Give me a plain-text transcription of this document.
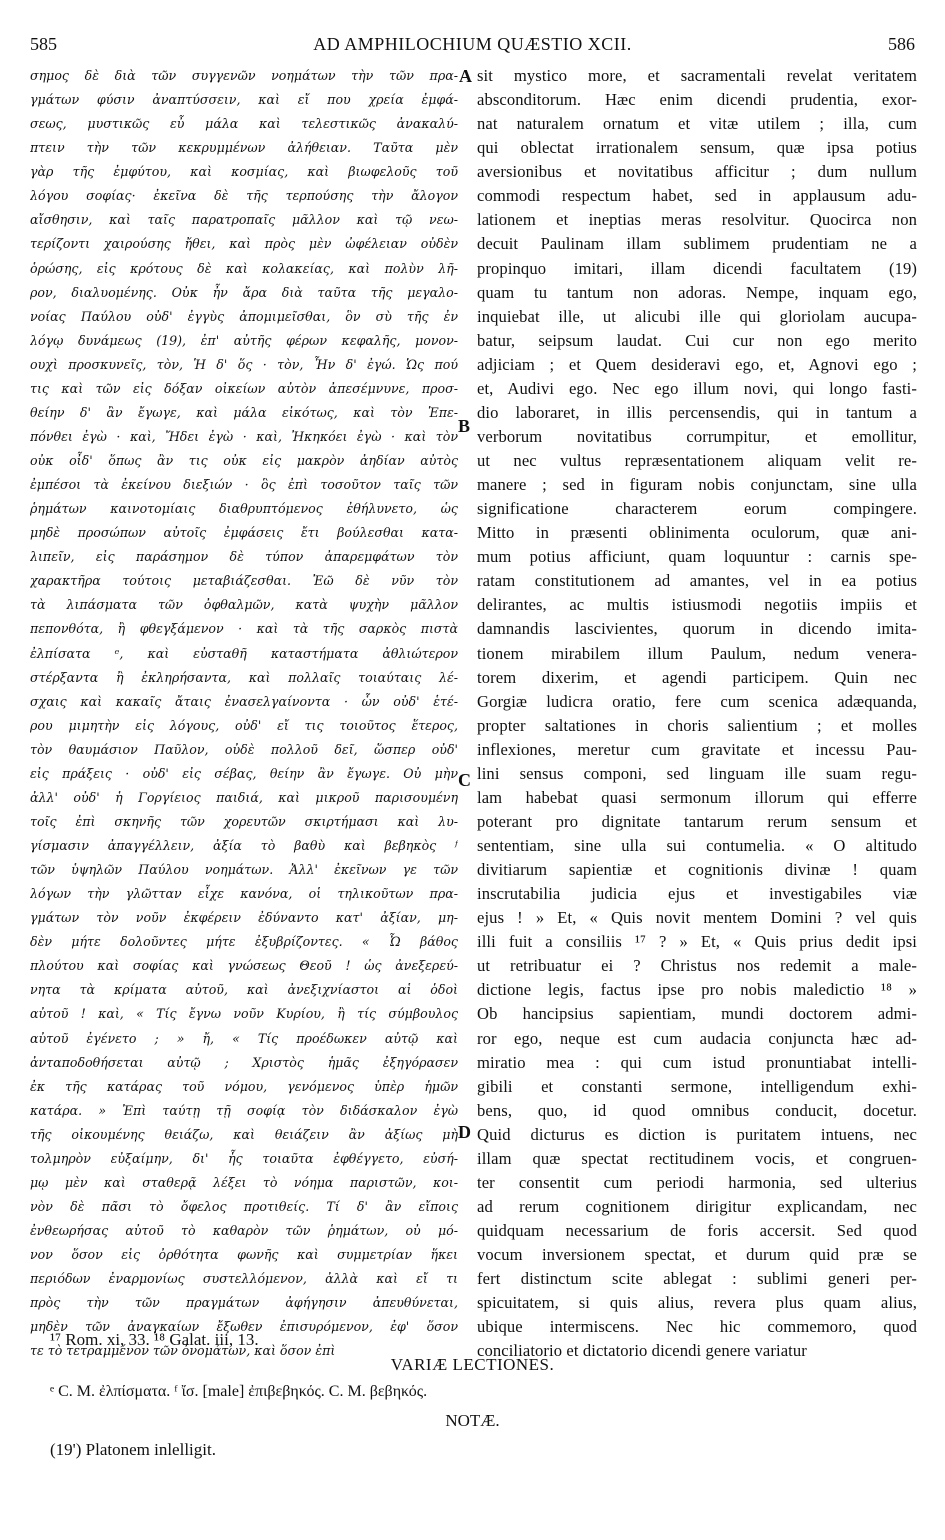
585	AD AMPHILOCHIUM QUÆSTIO XCII.	586
σημος δὲ διὰ τῶν συγγενῶν νοημάτων τὴν τῶν πρα-
γμάτων φύσιν ἀναπτύσσειν, καὶ εἴ που χρεία ἐμφά-
σεως, μυστικῶς εὖ μάλα καὶ τελεστικῶς ἀνακαλύ-
πτειν τὴν τῶν κεκρυμμένων ἀλήθειαν. Ταῦτα μὲν
γὰρ τῆς ἐμφύτου, καὶ κοσμίας, καὶ βιωφελοῦς τοῦ
λόγου σοφίας· ἐκεῖνα δὲ τῆς τερπούσης τὴν ἄλογον
αἴσθησιν, καὶ ταῖς παρατροπαῖς μᾶλλον καὶ τῷ νεω-
τερίζοντι χαιρούσης ἤθει, καὶ πρὸς μὲν ὠφέλειαν οὐδὲν
ὁρώσης, εἰς κρότους δὲ καὶ κολακείας, καὶ πολὺν λῆ-
ρον, διαλυομένης. Οὐκ ἦν ἄρα διὰ ταῦτα τῆς μεγαλο-
νοίας Παύλου οὐδ' ἐγγὺς ἀπομιμεῖσθαι, ὃν σὺ τῆς ἐν
λόγῳ δυνάμεως (19), ἐπ' αὐτῆς φέρων κεφαλῆς, μονον-
ουχὶ προσκυνεῖς, τὸν, Ἡ δ' ὅς · τὸν, Ἦν δ' ἐγώ. Ὡς πού
τις καὶ τῶν εἰς δόξαν οἰκείων αὐτὸν ἀπεσέμνυνε, προσ-
θείην δ' ἂν ἔγωγε, καὶ μάλα εἰκότως, καὶ τὸν Ἐπε-
πόνθει ἐγὼ · καὶ, Ἤδει ἐγὼ · καὶ, Ἠκηκόει ἐγὼ · καὶ τὸν
οὐκ οἶδ' ὅπως ἂν τις οὐκ εἰς μακρὸν ἀηδίαν αὐτὸς
ἐμπέσοι τὰ ἐκείνου διεξιών · ὃς ἐπὶ τοσοῦτον ταῖς τῶν
ῥημάτων καινοτομίαις διαθρυπτόμενος ἐθήλυνετο, ὡς
μηδὲ προσώπων αὐτοῖς ἐμφάσεις ἔτι βούλεσθαι κατα-
λιπεῖν, εἰς παράσημον δὲ τύπον ἀπαρεμφάτων τὸν
χαρακτῆρα τούτοις μεταβιάζεσθαι. Ἐῶ δὲ νῦν τὸν
τὰ λιπάσματα τῶν ὀφθαλμῶν, κατὰ ψυχὴν μᾶλλον
πεπονθότα, ἢ φθεγξάμενον · καὶ τὰ τῆς σαρκὸς πιστὰ
ἐλπίσατα ᵉ, καὶ εὐσταθῆ καταστήματα ἀθλιώτερον
στέρξαντα ἢ ἐκληρήσαντα, καὶ πολλαῖς τοιαύταις λέ-
σχαις καὶ κακαῖς ἄταις ἐνασελγαίνοντα · ὧν οὐδ' ἑτέ-
ρου μιμητὴν εἰς λόγους, οὐδ' εἴ τις τοιοῦτος ἕτερος,
τὸν θαυμάσιον Παῦλον, οὐδὲ πολλοῦ δεῖ, ὥσπερ οὐδ'
εἰς πράξεις · οὐδ' εἰς σέβας, θείην ἂν ἔγωγε. Οὐ μὴν
ἀλλ' οὐδ' ἡ Γοργίειος παιδιά, καὶ μικροῦ παρισουμένη
τοῖς ἐπὶ σκηνῆς τῶν χορευτῶν σκιρτήμασι καὶ λυ-
γίσμασιν ἀπαγγέλλειν, ἀξία τὸ βαθὺ καὶ βεβηκὸς ᶠ
τῶν ὑψηλῶν Παύλου νοημάτων. Ἀλλ' ἐκεῖνων γε τῶν
λόγων τὴν γλῶτταν εἶχε κανόνα, οἱ τηλικοῦτων πρα-
γμάτων τὸν νοῦν ἐκφέρειν ἐδύναντο κατ' ἀξίαν, μη-
δὲν μήτε δολοῦντες μήτε ἐξυβρίζοντες. « Ὦ βάθος
πλούτου καὶ σοφίας καὶ γνώσεως Θεοῦ ! ὡς ἀνεξερεύ-
νητα τὰ κρίματα αὐτοῦ, καὶ ἀνεξιχνίαστοι αἱ ὁδοὶ
αὐτοῦ ! καὶ, « Τίς ἔγνω νοῦν Κυρίου, ἢ τίς σύμβουλος
αὐτοῦ ἐγένετο ; » ἤ, « Τίς προέδωκεν αὐτῷ καὶ
ἀνταποδοθήσεται αὐτῷ ; Χριστὸς ἡμᾶς ἐξηγόρασεν
ἐκ τῆς κατάρας τοῦ νόμου, γενόμενος ὑπὲρ ἡμῶν
κατάρα. » Ἐπὶ ταύτῃ τῇ σοφίᾳ τὸν διδάσκαλον ἐγὼ
τῆς οἰκουμένης θειάζω, καὶ θειάζειν ἂν ἀξίως μὴ
τολμηρὸν εὐξαίμην, δι' ἧς τοιαῦτα ἐφθέγγετο, εὐσή-
μῳ μὲν καὶ σταθερᾷ λέξει τὸ νόημα παριστῶν, κοι-
νὸν δὲ πᾶσι τὸ ὄφελος προτιθείς. Τί δ' ἂν εἴποις
ἐνθεωρήσας αὐτοῦ τὸ καθαρὸν τῶν ῥημάτων, οὐ μό-
νον ὅσον εἰς ὀρθότητα φωνῆς καὶ συμμετρίαν ἥκει
περιόδων ἐναρμονίως συστελλόμενον, ἀλλὰ καὶ εἴ τι
πρὸς τὴν τῶν πραγμάτων ἀφήγησιν ἀπευθύνεται,
μηδὲν τῶν ἀναγκαίων ἔξωθεν ἐπισυρόμενον, ἐφ' ὅσον
τε τὸ τετραμμένον τῶν ὀνομάτων, καὶ ὅσον ἐπὶ
A
B
C
D
sit mystico more, et sacramentali revelat veritatem
absconditorum. Hæc enim dicendi prudentia, exor-
nat naturalem ornatum et vitæ utilem ; illa, cum
qui oblectat irrationalem sensum, quæ ipsa potius
aversionibus et novitatibus afficitur ; dum nullum
commodi respectum habet, sed in applausum adu-
lationem et ineptias meras resolvitur. Quocirca non
decuit Paulinam illam sublimem prudentiam ne a
propinquo imitari, illam dicendi facultatem (19)
quam tu tantum non adoras. Nempe, inquam ego,
inquiebat ille, ut alicubi ille qui gloriolam aucupa-
batur, seipsum laudat. Cui cur non ego merito
adjiciam ; et Quem desideravi ego, et, Agnovi ego ;
et, Audivi ego. Nec ego illum novi, qui longo fasti-
dio laboraret, in illis percensendis, qui in tantum a
verborum novitatibus corrumpitur, et emollitur,
ut nec vultus repræsentationem aliquam velit re-
manere ; sed in figuram nobis conjunctam, sine ulla
significatione characterem eorum compingere.
Mitto in præsenti oblinimenta oculorum, quæ ani-
mum potius afficiunt, quam loquuntur : carnis spe-
ratam constitutionem ad amantes, vel in ea potius
delirantes, ac multis istiusmodi negotiis impiis et
damnandis lascivientes, quorum in dicendo imita-
tionem mirabilem illum Paulum, nedum venera-
torem dixerim, et agendi participem. Quin nec
Gorgiæ ludicra oratio, fere cum scenica adæquanda,
propter saltationes in choris salientium ; et molles
inflexiones, meretur cum gravitate et incessu Pau-
lini sensus componi, sed linguam ille suam regu-
lam habebat quasi sermonum illorum qui efferre
poterant pro dignitate tantarum rerum sensum et
sententiam, sine ulla sui contumelia. « O altitudo
divitiarum sapientiæ et cognitionis divinæ ! quam
inscrutabilia judicia ejus et investigabiles viæ
ejus ! » Et, « Quis novit mentem Domini ? vel quis
illi fuit a consiliis ¹⁷ ? » Et, « Quis prius dedit ipsi
ut retribuatur ei ? Christus nos redemit a male-
dictione legis, factus ipse pro nobis maledictio ¹⁸ »
Ob hancipsius sapientiam, mundi doctorem admi-
ror ego, neque est cum audacia conjuncta hæc ad-
miratio mea : qui cum istud pronuntiabat intelli-
gibili et constanti sermone, intelligendum exhi-
bens, quo, id quod omnibus conducit, docetur.
Quid dicturus es diction is puritatem intuens, nec
illam quæ spectat rectitudinem vocis, et congruen-
ter consentit cum periodi harmonia, sed ulterius
ad rerum cognitionem dirigitur explicandam, nec
quidquam necessarium de foris accersit. Sed quod
vocum inversionem spectat, et durum quid præ se
fert distinctum scite ablegat : sublimi generi per-
spicuitatem, si quis alius, revera plus quam alius,
ubique intermiscens. Nec hic commemoro, quod
conciliatorio et dictatorio dicendi genere variatur
¹⁷ Rom. xi, 33. ¹⁸ Galat. iii, 13.
VARIÆ LECTIONES.
ᵉ C. M. ἐλπίσματα. ᶠ ἴσ. [male] ἐπιβεβηκός. C. M. βεβηκός.
NOTÆ.
(19') Platonem inlelligit.
